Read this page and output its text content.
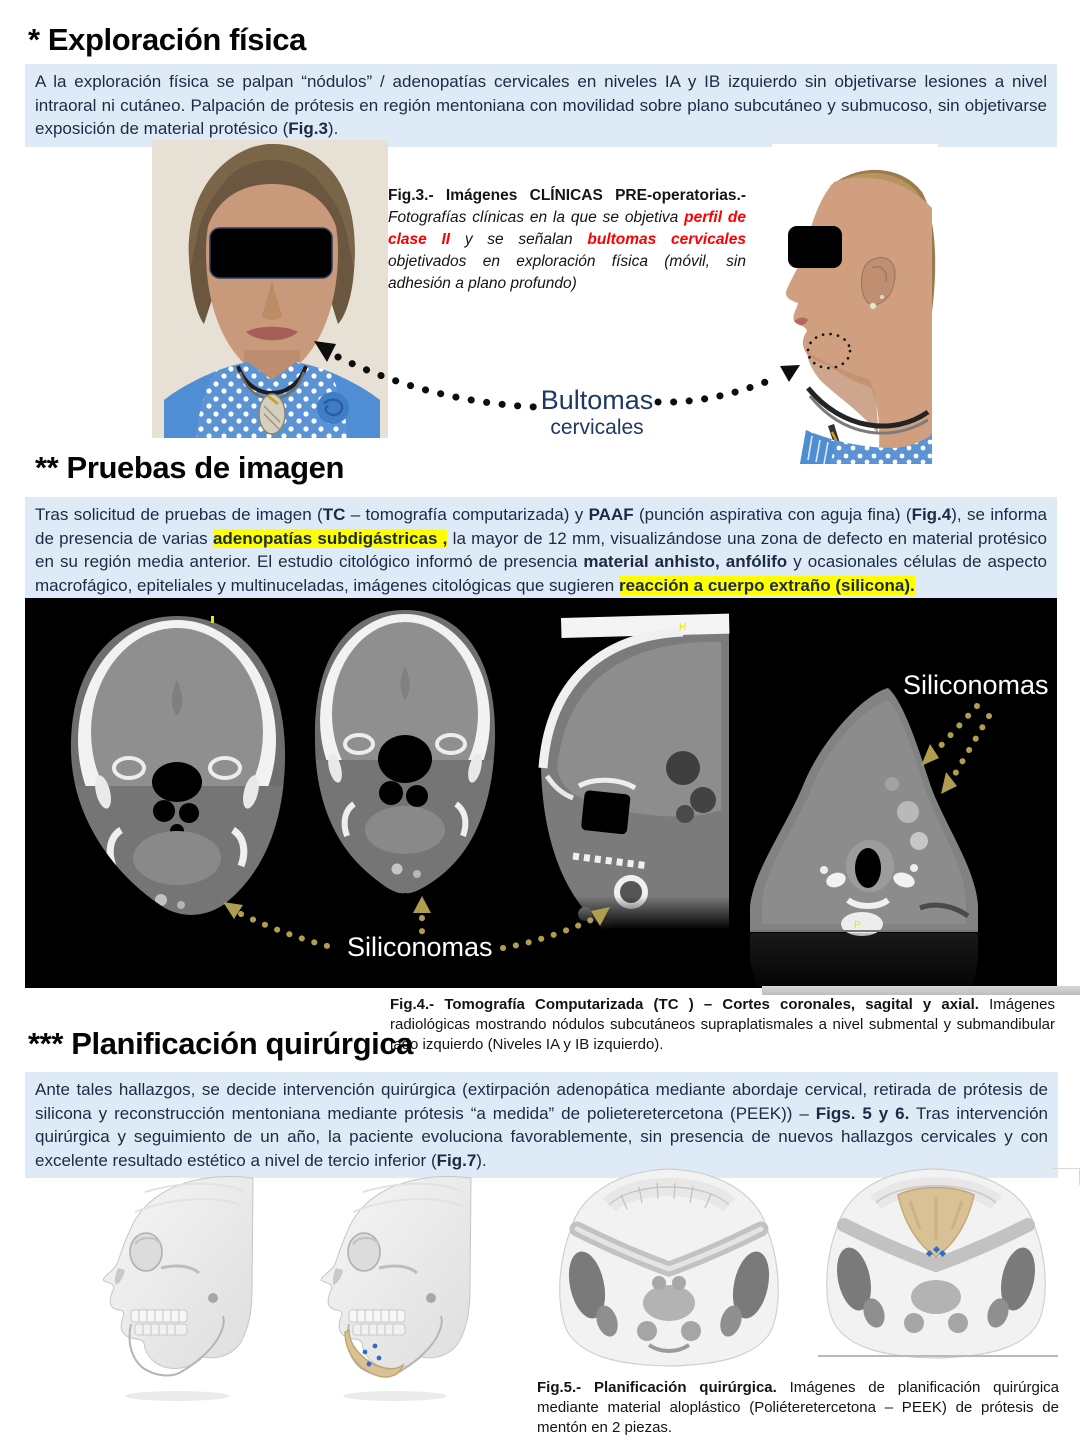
* Exploración física
A la exploración física se palpan “nódulos” / adenopatías cervicales en niveles IA y IB izquierdo sin objetivarse lesiones a nivel intraoral ni cutáneo. Palpación de prótesis en región mentoniana con movilidad sobre plano subcutáneo y submucoso, sin objetivarse exposición de material protésico (Fig.3).
Fig.3.- Imágenes CLÍNICAS PRE-operatorias.- Fotografías clínicas en la que se objetiva perfil de clase II y se señalan bultomas cervicales objetivados en exploración física (móvil, sin adhesión a plano profundo)
Bultomas
cervicales
** Pruebas de imagen
Tras solicitud de pruebas de imagen (TC – tomografía computarizada) y PAAF (punción aspirativa con aguja fina) (Fig.4), se informa de presencia de varias adenopatías subdigástricas , la mayor de 12 mm, visualizándose una zona de defecto en material protésico en su región media anterior. El estudio citológico informó de presencia material anhisto, anfólifo y ocasionales células de aspecto macrofágico, epiteliales y multinuceladas, imágenes citológicas que sugieren reacción a cuerpo extraño (silicona).
H
P
Siliconomas
Siliconomas
Fig.4.- Tomografía Computarizada (TC ) – Cortes coronales, sagital y axial. Imágenes radiológicas mostrando nódulos subcutáneos supraplatismales a nivel submental y submandibular lado izquierdo (Niveles IA y IB izquierdo).
*** Planificación quirúrgica
Ante tales hallazgos, se decide intervención quirúrgica (extirpación adenopática mediante abordaje cervical, retirada de prótesis de silicona y reconstrucción mentoniana mediante prótesis “a medida” de polieteretercetona (PEEK)) – Figs. 5 y 6. Tras intervención quirúrgica y seguimiento de un año, la paciente evoluciona favorablemente, sin presencia de nuevos hallazgos cervicales y con excelente resultado estético a nivel de tercio inferior (Fig.7).
Fig.5.- Planificación quirúrgica. Imágenes de planificación quirúrgica mediante material aloplástico (Poliéteretercetona – PEEK) de prótesis de mentón en 2 piezas.
